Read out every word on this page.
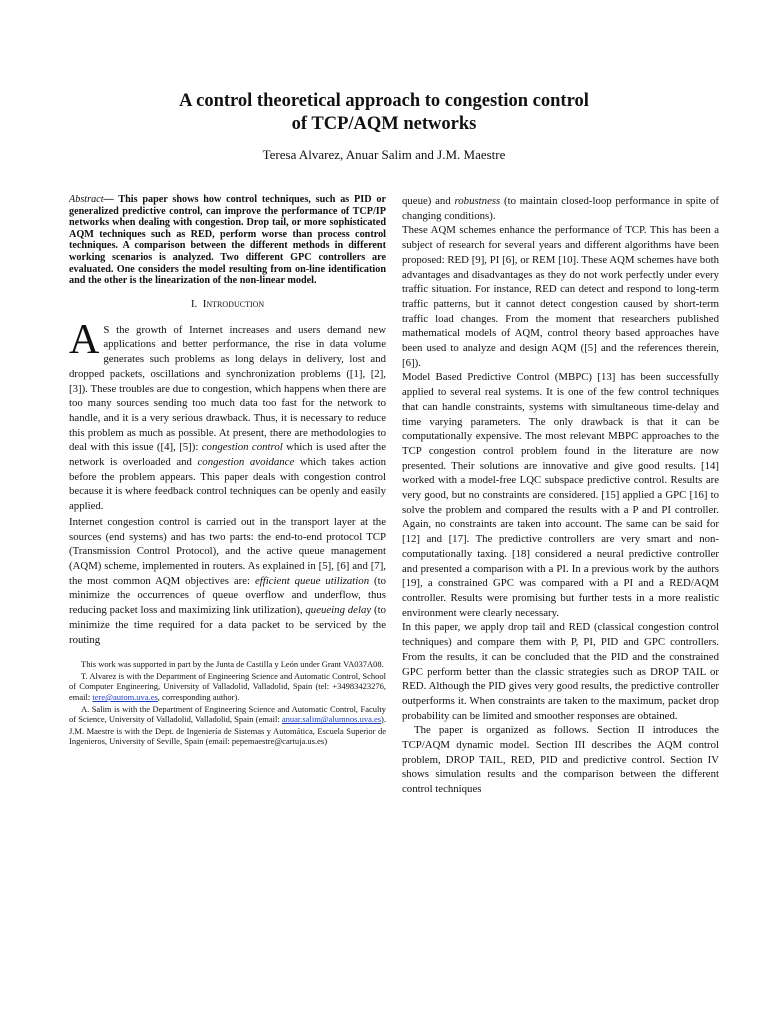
A control theoretical approach to congestion control
of TCP/AQM networks
Teresa Alvarez, Anuar Salim and J.M. Maestre

Abstract— This paper shows how control techniques, such as PID or generalized predictive control, can improve the performance of TCP/IP networks when dealing with congestion. Drop tail, or more sophisticated AQM techniques such as RED, perform worse than process control techniques. A comparison between the different methods in different working scenarios is analyzed. Two different GPC controllers are evaluated. One considers the model resulting from on-line identification and the other is the linearization of the non-linear model.

I. Introduction

A S the growth of Internet increases and users demand new applications and better performance, the rise in data volume generates such problems as long delays in delivery, lost and dropped packets, oscillations and synchronization problems ([1], [2], [3]). These troubles are due to congestion, which happens when there are too many sources sending too much data too fast for the network to handle, and it is a very serious drawback. Thus, it is necessary to reduce this problem as much as possible. At present, there are methodologies to deal with this issue ([4], [5]): congestion control which is used after the network is overloaded and congestion avoidance which takes action before the problem appears. This paper deals with congestion control because it is where feedback control techniques can be openly and easily applied.

Internet congestion control is carried out in the transport layer at the sources (end systems) and has two parts: the end-to-end protocol TCP (Transmission Control Protocol), and the active queue management (AQM) scheme, implemented in routers. As explained in [5], [6] and [7], the most common AQM objectives are: efficient queue utilization (to minimize the occurrences of queue overflow and underflow, thus reducing packet loss and maximizing link utilization), queueing delay (to minimize the time required for a data packet to be serviced by the routing

This work was supported in part by the Junta de Castilla y León under Grant VA037A08.

T. Alvarez is with the Department of Engineering Science and Automatic Control, School of Computer Engineering, University of Valladolid, Valladolid, Spain (tel: +34983423276, email: tere@autom.uva.es, corresponding author).

A. Salim is with the Department of Engineering Science and Automatic Control, Faculty of Science, University of Valladolid, Valladolid, Spain (email: anuar.salim@alumnos.uva.es).

J.M. Maestre is with the Dept. de Ingeniería de Sistemas y Automática, Escuela Superior de Ingenieros, University of Seville, Spain (email: pepemaestre@cartuja.us.es)

queue) and robustness (to maintain closed-loop performance in spite of changing conditions).

These AQM schemes enhance the performance of TCP. This has been a subject of research for several years and different algorithms have been proposed: RED [9], PI [6], or REM [10]. These AQM schemes have both advantages and disadvantages as they do not work perfectly under every traffic situation. For instance, RED can detect and respond to long-term traffic patterns, but it cannot detect congestion caused by short-term traffic load changes. From the moment that researchers published mathematical models of AQM, control theory based approaches have been used to analyze and design AQM ([5] and the references therein,[6]).

Model Based Predictive Control (MBPC) [13] has been successfully applied to several real systems. It is one of the few control techniques that can handle constraints, systems with simultaneous time-delay and time varying parameters. The only drawback is that it can be computationally expensive. The most relevant MBPC approaches to the TCP congestion control problem found in the literature are now presented. Their solutions are innovative and give good results. [14] worked with a model-free LQC subspace predictive control. Results are very good, but no constraints are considered. [15] applied a GPC [16] to solve the problem and compared the results with a P and PI controller. Again, no constraints are taken into account. The same can be said for [12] and [17]. The predictive controllers are very smart and non-computationally taxing. [18] considered a neural predictive controller and presented a comparison with a PI. In a previous work by the authors [19], a constrained GPC was compared with a PI and a RED/AQM controller. Results were promising but further tests in a more realistic environment were clearly necessary.

In this paper, we apply drop tail and RED (classical congestion control techniques) and compare them with P, PI, PID and GPC controllers. From the results, it can be concluded that the PID and the constrained GPC perform better than the classic strategies such as DROP TAIL or RED. Although the PID gives very good results, the predictive controller outperforms it. When constraints are taken to the maximum, packet drop probability can be limited and smoother responses are obtained.

The paper is organized as follows. Section II introduces the TCP/AQM dynamic model. Section III describes the AQM control problem, DROP TAIL, RED, PID and predictive control. Section IV shows simulation results and the comparison between the different control techniques
